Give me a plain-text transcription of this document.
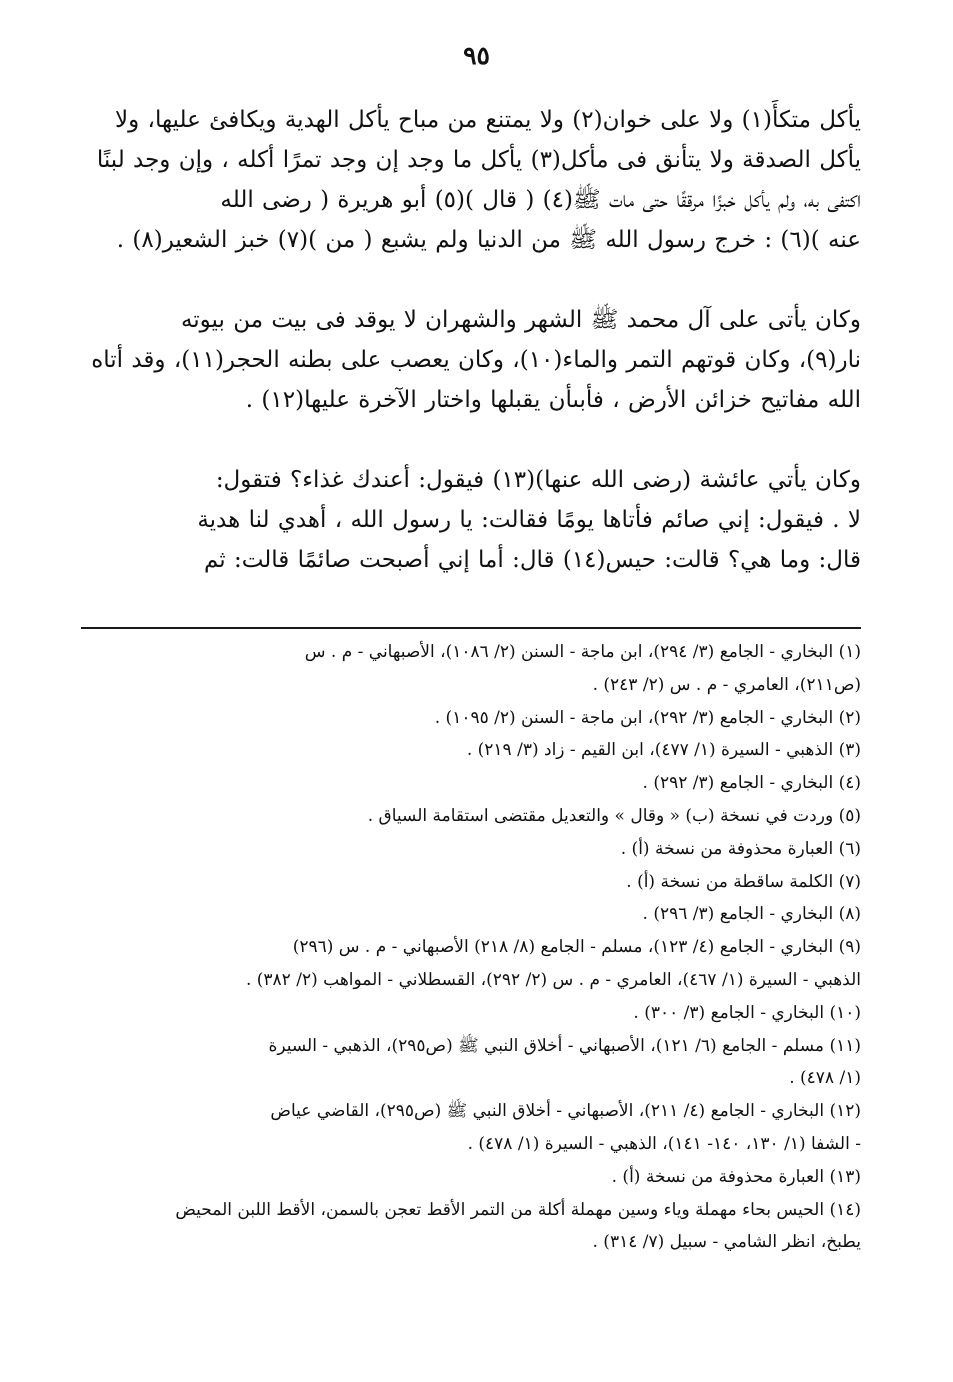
٩٥

يأكل متكأً(١) ولا على خوان(٢) ولا يمتنع من مباح يأكل الهدية ويكافئ عليها، ولا
يأكل الصدقة ولا يتأنق فى مأكل(٣) يأكل ما وجد إن وجد تمرًا أكله ، وإن وجد لبنًا
اكتفى به، ولم يأكل خبزًا مرققًا حتى مات ﷺ(٤) ( قال )(٥) أبو هريرة ( رضى الله
عنه )(٦) : خرج رسول الله ﷺ من الدنيا ولم يشبع ( من )(٧) خبز الشعير(٨) .

وكان يأتى على آل محمد ﷺ الشهر والشهران لا يوقد فى بيت من بيوته
نار(٩)، وكان قوتهم التمر والماء(١٠)، وكان يعصب على بطنه الحجر(١١)، وقد أتاه
الله مفاتيح خزائن الأرض ، فأبىأن يقبلها واختار الآخرة عليها(١٢) .

وكان يأتي عائشة (رضى الله عنها)(١٣) فيقول: أعندك غذاء؟ فتقول:
لا . فيقول: إني صائم فأتاها يومًا فقالت: يا رسول الله ، أهدي لنا هدية
قال: وما هي؟ قالت: حيس(١٤) قال: أما إني أصبحت صائمًا قالت: ثم

(١) البخاري - الجامع (٣/ ٢٩٤)، ابن ماجة - السنن (٢/ ١٠٨٦)، الأصبهاني - م . س
(ص٢١١)، العامري - م . س (٢/ ٢٤٣) .
(٢) البخاري - الجامع (٣/ ٢٩٢)، ابن ماجة - السنن (٢/ ١٠٩٥) .
(٣) الذهبي - السيرة (١/ ٤٧٧)، ابن القيم - زاد (٣/ ٢١٩) .
(٤) البخاري - الجامع (٣/ ٢٩٢) .
(٥) وردت في نسخة (ب) « وقال » والتعديل مقتضى استقامة السياق .
(٦) العبارة محذوفة من نسخة (أ) .
(٧) الكلمة ساقطة من نسخة (أ) .
(٨) البخاري - الجامع (٣/ ٢٩٦) .
(٩) البخاري - الجامع (٤/ ١٢٣)، مسلم - الجامع (٨/ ٢١٨) الأصبهاني - م . س (٢٩٦)
الذهبي - السيرة (١/ ٤٦٧)، العامري - م . س (٢/ ٢٩٢)، القسطلاني - المواهب (٢/ ٣٨٢) .
(١٠) البخاري - الجامع (٣/ ٣٠٠) .
(١١) مسلم - الجامع (٦/ ١٢١)، الأصبهاني - أخلاق النبي ﷺ (ص٢٩٥)، الذهبي - السيرة
(١/ ٤٧٨) .
(١٢) البخاري - الجامع (٤/ ٢١١)، الأصبهاني - أخلاق النبي ﷺ (ص٢٩٥)، القاضي عياض
- الشفا (١/ ١٣٠، ١٤٠- ١٤١)، الذهبي - السيرة (١/ ٤٧٨) .
(١٣) العبارة محذوفة من نسخة (أ) .
(١٤) الحيس بحاء مهملة وياء وسين مهملة أكلة من التمر الأقط تعجن بالسمن، الأقط اللبن المحيض
يطبخ، انظر الشامي - سبيل (٧/ ٣١٤) .
